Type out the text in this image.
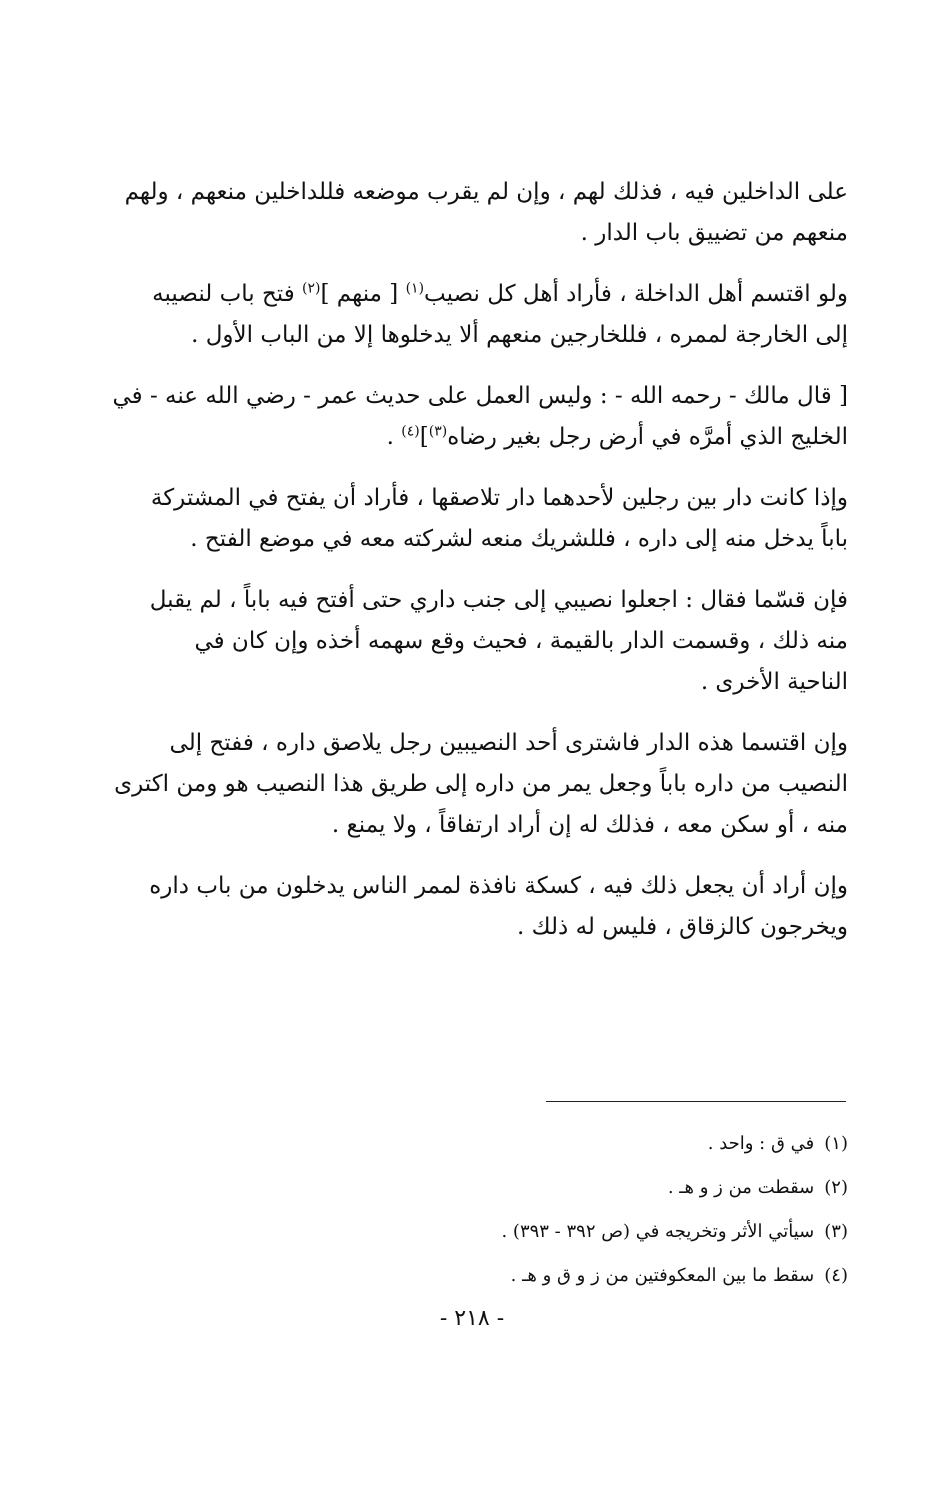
على الداخلين فيه ، فذلك لهم ، وإن لم يقرب موضعه فللداخلين منعهم ، ولهم

منعهم من تضييق باب الدار .

ولو اقتسم أهل الداخلة ، فأراد أهل كل نصيب$^{(١)}$ [ منهم ]$^{(٢)}$ فتح باب لنصيبه

إلى الخارجة لممره ، فللخارجين منعهم ألا يدخلوها إلا من الباب الأول .

[ قال مالك - رحمه الله - : وليس العمل على حديث عمر - رضي الله عنه - في

الخليج الذي أمرَّه في أرض رجل بغير رضاه$^{(٣)}$]$^{(٤)}$ .

وإذا كانت دار بين رجلين لأحدهما دار تلاصقها ، فأراد أن يفتح في المشتركة

باباً يدخل منه إلى داره ، فللشريك منعه لشركته معه في موضع الفتح .

فإن قسّما فقال : اجعلوا نصيبي إلى جنب داري حتى أفتح فيه باباً ، لم يقبل

منه ذلك ، وقسمت الدار بالقيمة ، فحيث وقع سهمه أخذه وإن كان في

الناحية الأخرى .

وإن اقتسما هذه الدار فاشترى أحد النصيبين رجل يلاصق داره ، ففتح إلى

النصيب من داره باباً وجعل يمر من داره إلى طريق هذا النصيب هو ومن اكترى

منه ، أو سكن معه ، فذلك له إن أراد ارتفاقاً ، ولا يمنع .

وإن أراد أن يجعل ذلك فيه ، كسكة نافذة لممر الناس يدخلون من باب داره

ويخرجون كالزقاق ، فليس له ذلك .

(١)في ق : واحد .

(٢)سقطت من ز و هـ .

(٣)سيأتي الأثر وتخريجه في (ص ٣٩٢ - ٣٩٣) .

(٤)سقط ما بين المعكوفتين من ز و ق و هـ .

- ٢١٨ -
